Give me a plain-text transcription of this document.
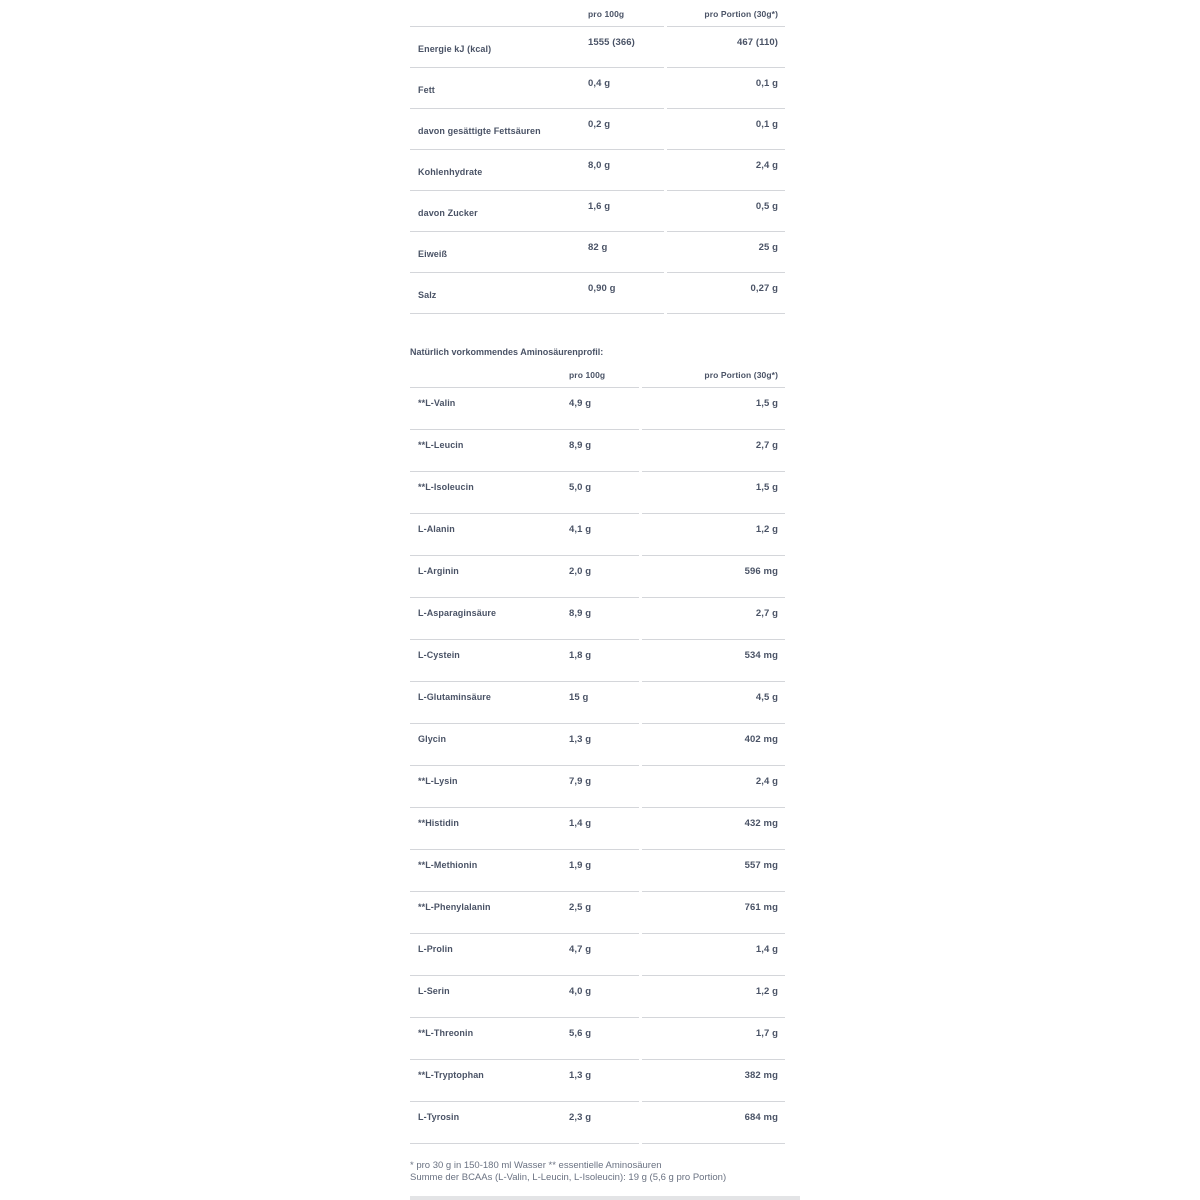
	pro 100g		pro Portion (30g*)
Energie kJ (kcal)	1555 (366)		467 (110)
Fett	0,4 g		0,1 g
davon gesättigte Fettsäuren	0,2 g		0,1 g
Kohlenhydrate	8,0 g		2,4 g
davon Zucker	1,6 g		0,5 g
Eiweiß	82 g		25 g
Salz	0,90 g		0,27 g
Natürlich vorkommendes Aminosäurenprofil:
	pro 100g		pro Portion (30g*)
**L-Valin	4,9 g		1,5 g
**L-Leucin	8,9 g		2,7 g
**L-Isoleucin	5,0 g		1,5 g
L-Alanin	4,1 g		1,2 g
L-Arginin	2,0 g		596 mg
L-Asparaginsäure	8,9 g		2,7 g
L-Cystein	1,8 g		534 mg
L-Glutaminsäure	15 g		4,5 g
Glycin	1,3 g		402 mg
**L-Lysin	7,9 g		2,4 g
**Histidin	1,4 g		432 mg
**L-Methionin	1,9 g		557 mg
**L-Phenylalanin	2,5 g		761 mg
L-Prolin	4,7 g		1,4 g
L-Serin	4,0 g		1,2 g
**L-Threonin	5,6 g		1,7 g
**L-Tryptophan	1,3 g		382 mg
L-Tyrosin	2,3 g		684 mg
* pro 30 g in 150-180 ml Wasser ** essentielle Aminosäuren
Summe der BCAAs (L-Valin, L-Leucin, L-Isoleucin): 19 g (5,6 g pro Portion)
